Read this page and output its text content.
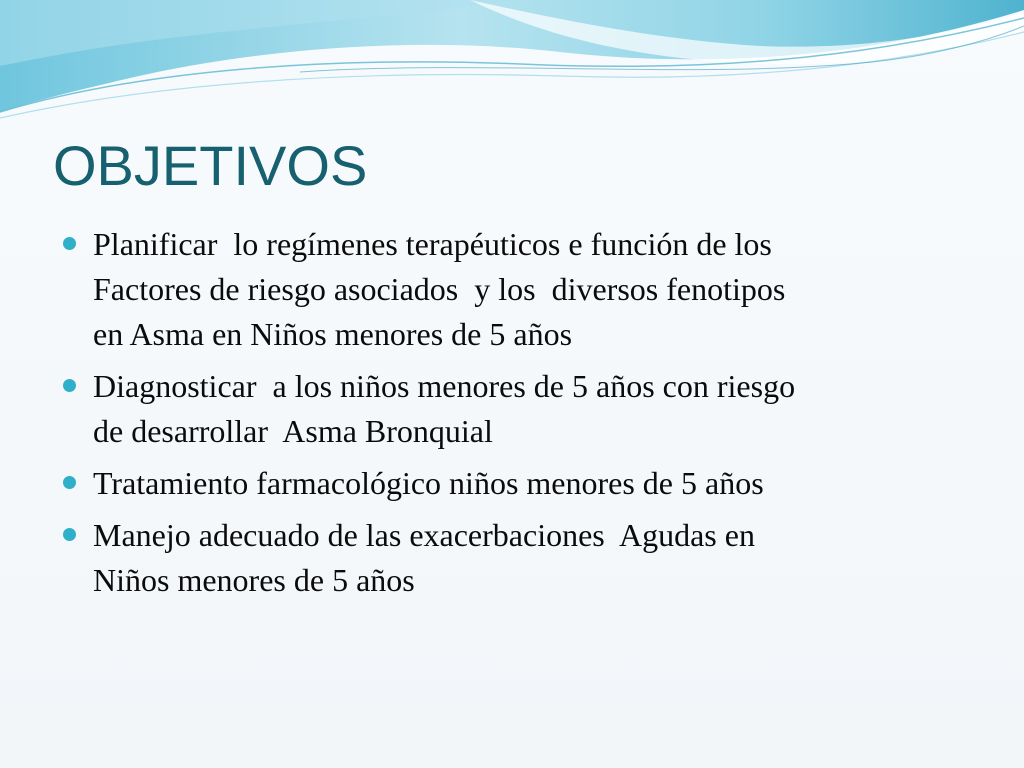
OBJETIVOS
Planificar  lo regímenes terapéuticos e función de los
Factores de riesgo asociados  y los  diversos fenotipos
en Asma en Niños menores de 5 años
Diagnosticar  a los niños menores de 5 años con riesgo
de desarrollar  Asma Bronquial
Tratamiento farmacológico niños menores de 5 años
Manejo adecuado de las exacerbaciones  Agudas en
Niños menores de 5 años
